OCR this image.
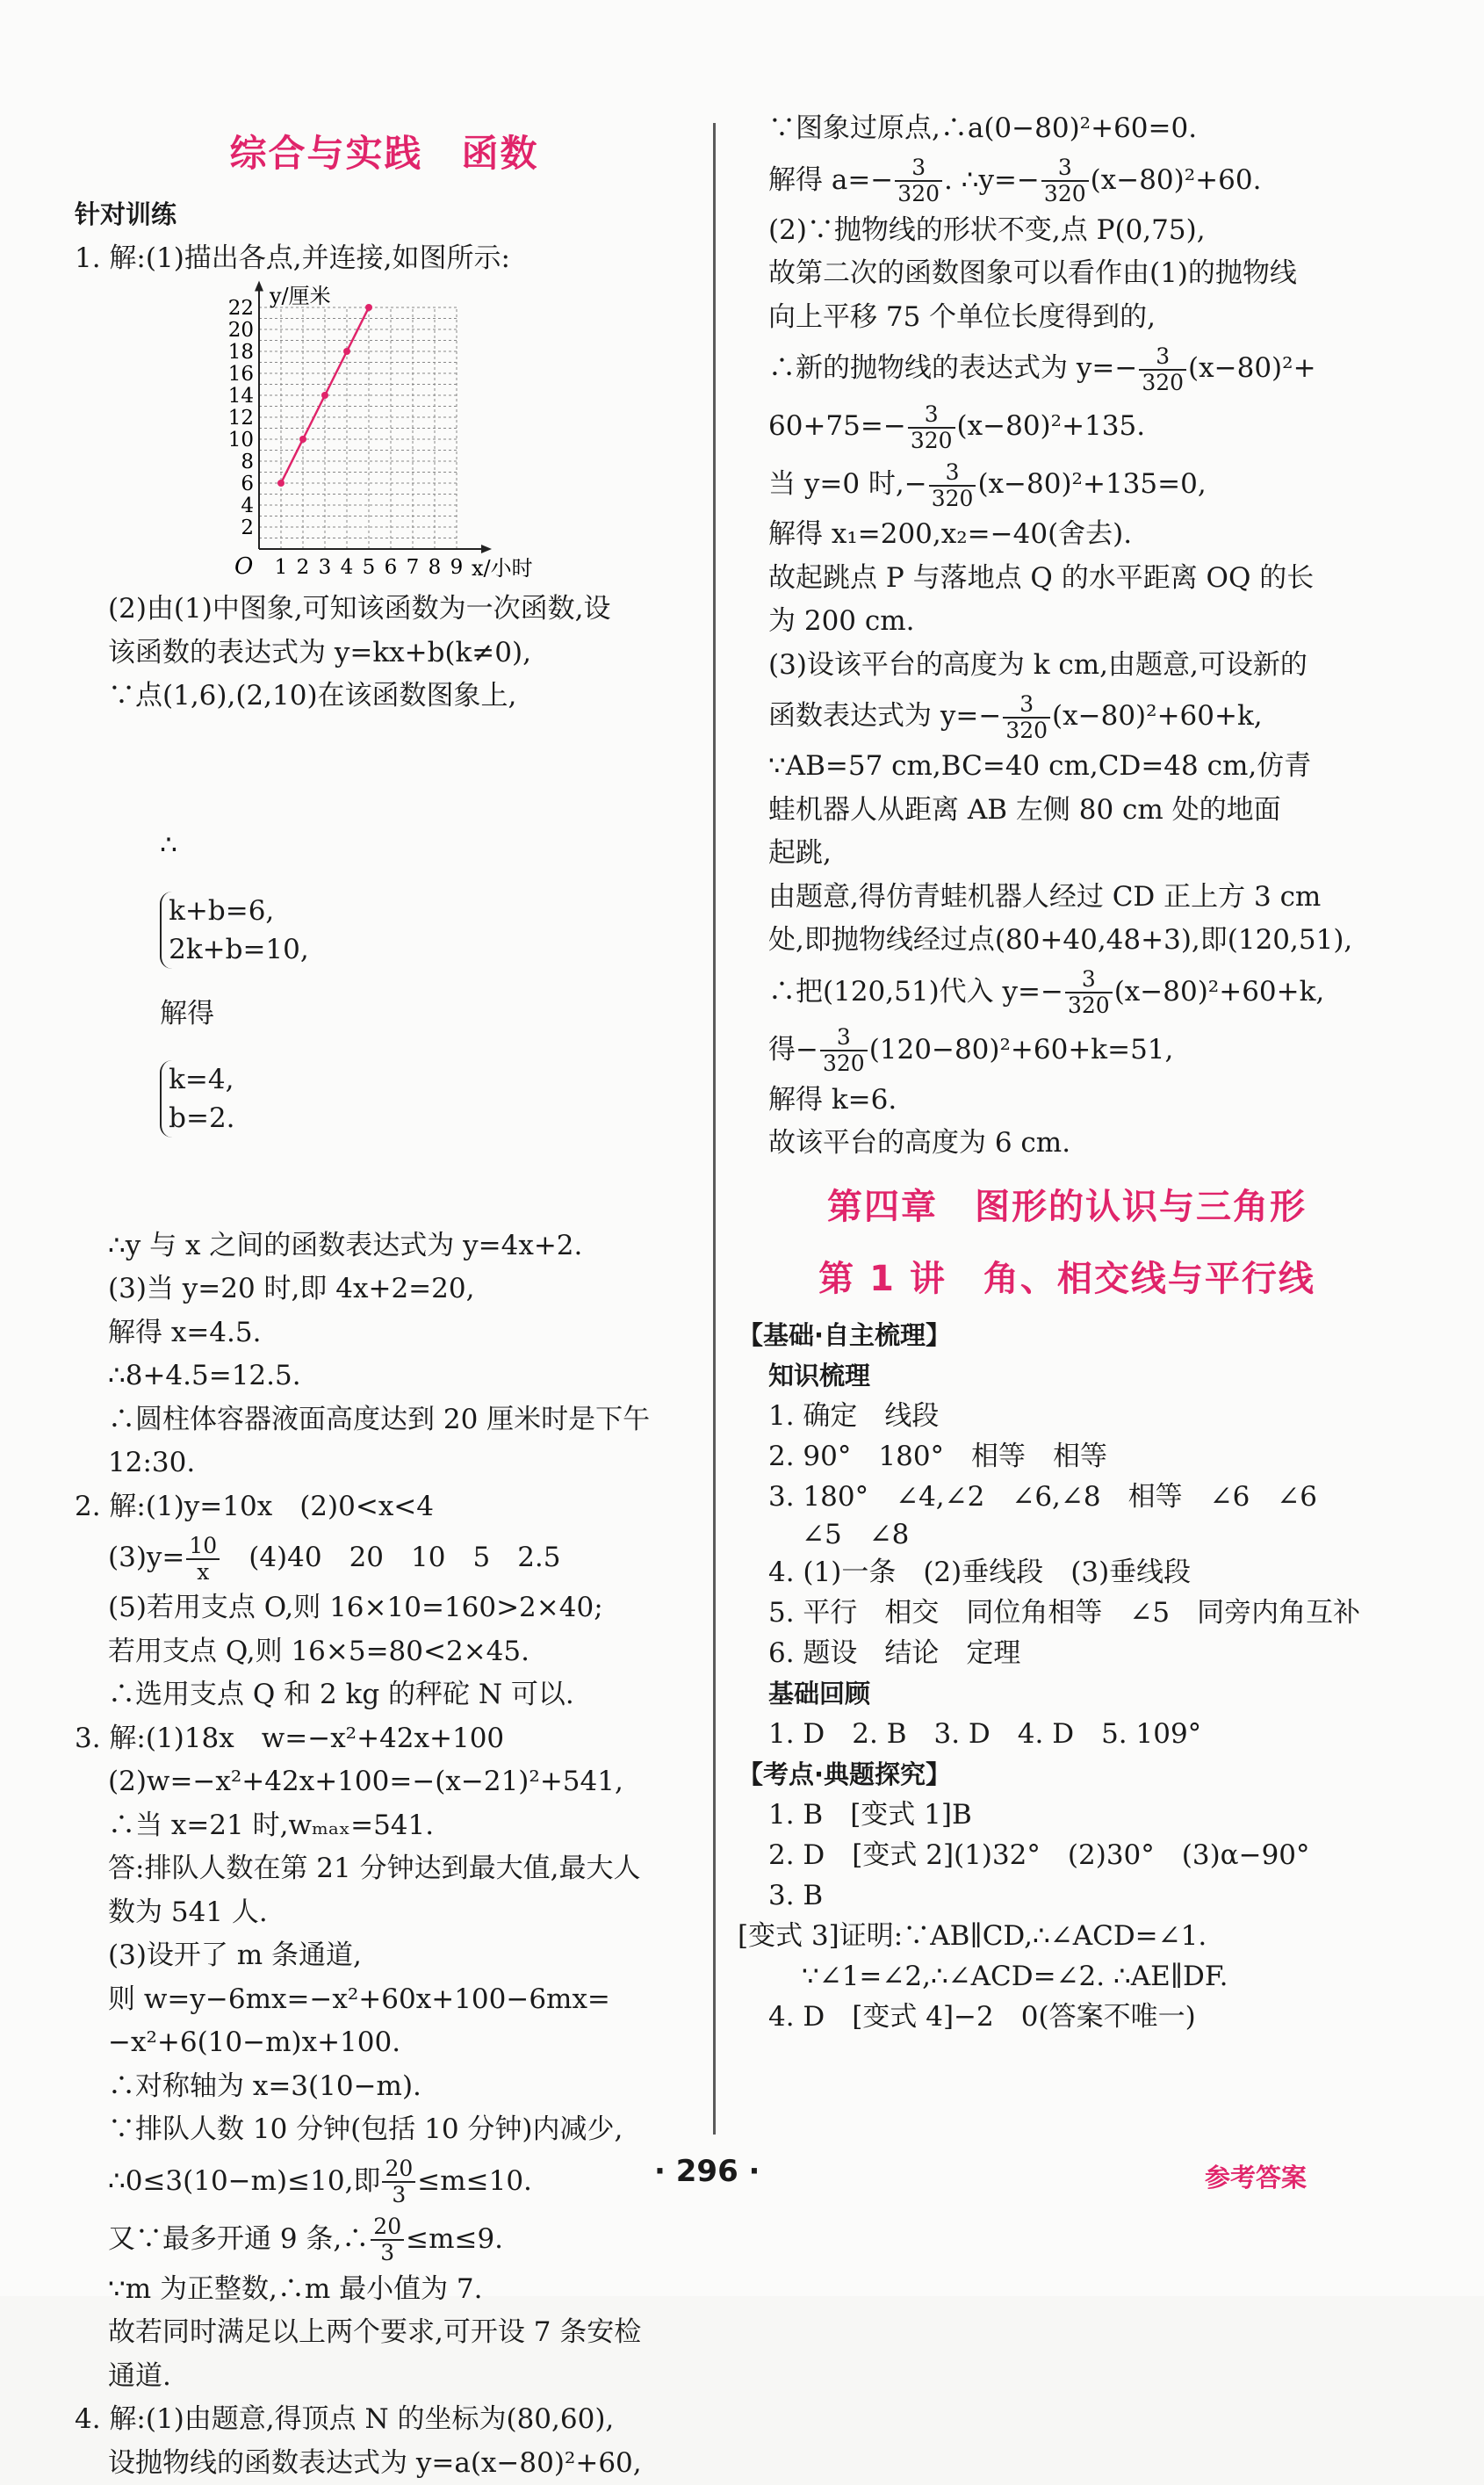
综合与实践　函数
针对训练
1. 解:(1)描出各点,并连接,如图所示:
2
4
6
8
10
12
14
16
18
20
22
1 2 3 4 5 6 7 8 9
O
y/厘米
x/小时
(2)由(1)中图象,可知该函数为一次函数,设
该函数的表达式为 y=kx+b(k≠0),
∵点(1,6),(2,10)在该函数图象上,

∴

k+b=6,
2k+b=10,

解得

k=4,
b=2.

∴y 与 x 之间的函数表达式为 y=4x+2.
(3)当 y=20 时,即 4x+2=20,
解得 x=4.5.
∴8+4.5=12.5.
∴圆柱体容器液面高度达到 20 厘米时是下午
12:30.
2. 解:(1)y=10x　(2)0<x<4
$(3)y= \frac{10}{x}$ 　(4)40　20　10　5　2.5
(5)若用支点 O,则 16×10=160>2×40;
若用支点 Q,则 16×5=80<2×45.
∴选用支点 Q 和 2 kg 的秤砣 N 可以.
3. 解:(1)18x　w=−x²+42x+100
(2)w=−x²+42x+100=−(x−21)²+541,
∴当 x=21 时,wₘₐₓ=541.
答:排队人数在第 21 分钟达到最大值,最大人
数为 541 人.
(3)设开了 m 条通道,
则 w=y−6mx=−x²+60x+100−6mx=
−x²+6(10−m)x+100.
∴对称轴为 x=3(10−m).
∵排队人数 10 分钟(包括 10 分钟)内减少,
∴0≤3(10−m)≤10,即 $\frac{20}{3} \le m\le 10$.
又∵最多开通 9 条,∴ $\frac{20}{3} \le m\le 9$.
∵m 为正整数,∴m 最小值为 7.
故若同时满足以上两个要求,可开设 7 条安检
通道.
4. 解:(1)由题意,得顶点 N 的坐标为(80,60),
设抛物线的函数表达式为 y=a(x−80)²+60,
∵图象过原点,∴a(0−80)²+60=0.
解得 $a=- \frac{3}{320}$ . ∴y=− $\frac{3}{320} (x-80)^2+60$.
(2)∵抛物线的形状不变,点 P(0,75),
故第二次的函数图象可以看作由(1)的抛物线
向上平移 75 个单位长度得到的,
∴新的抛物线的表达式为 $y=- \frac{3}{320} (x-80)^2+$
$60+75=- \frac{3}{320} (x-80)^2+135$.
当 y=0 时,− $\frac{3}{320} (x-80)^2+135=0$,
解得 x₁=200,x₂=−40(舍去).
故起跳点 P 与落地点 Q 的水平距离 OQ 的长
为 200 cm.
(3)设该平台的高度为 k cm,由题意,可设新的
函数表达式为 $y=- \frac{3}{320} (x-80)^2+60+k$,
∵AB=57 cm,BC=40 cm,CD=48 cm,仿青
蛙机器人从距离 AB 左侧 80 cm 处的地面
起跳,
由题意,得仿青蛙机器人经过 CD 正上方 3 cm
处,即抛物线经过点(80+40,48+3),即(120,51),
∴把(120,51)代入 $y=- \frac{3}{320} (x-80)^2+60+k$,
得− $\frac{3}{320} (120-80)^2+60+k=51$,
解得 k=6.
故该平台的高度为 6 cm.
第四章　图形的认识与三角形
第 1 讲　角、相交线与平行线
【基础·自主梳理】
知识梳理
1. 确定　线段
2. 90°　180°　相等　相等
3. 180°　∠4,∠2　∠6,∠8　相等　∠6　∠6
∠5　∠8
4. (1)一条　(2)垂线段　(3)垂线段
5. 平行　相交　同位角相等　∠5　同旁内角互补
6. 题设　结论　定理
基础回顾
1. D　2. B　3. D　4. D　5. 109°
【考点·典题探究】
1. B　[变式 1]B
2. D　[变式 2](1)32°　(2)30°　(3)α−90°
3. B
[变式 3]证明:∵AB∥CD,∴∠ACD=∠1.
∵∠1=∠2,∴∠ACD=∠2. ∴AE∥DF.
4. D　[变式 4]−2　0(答案不唯一)
· 296 ·	参考答案
